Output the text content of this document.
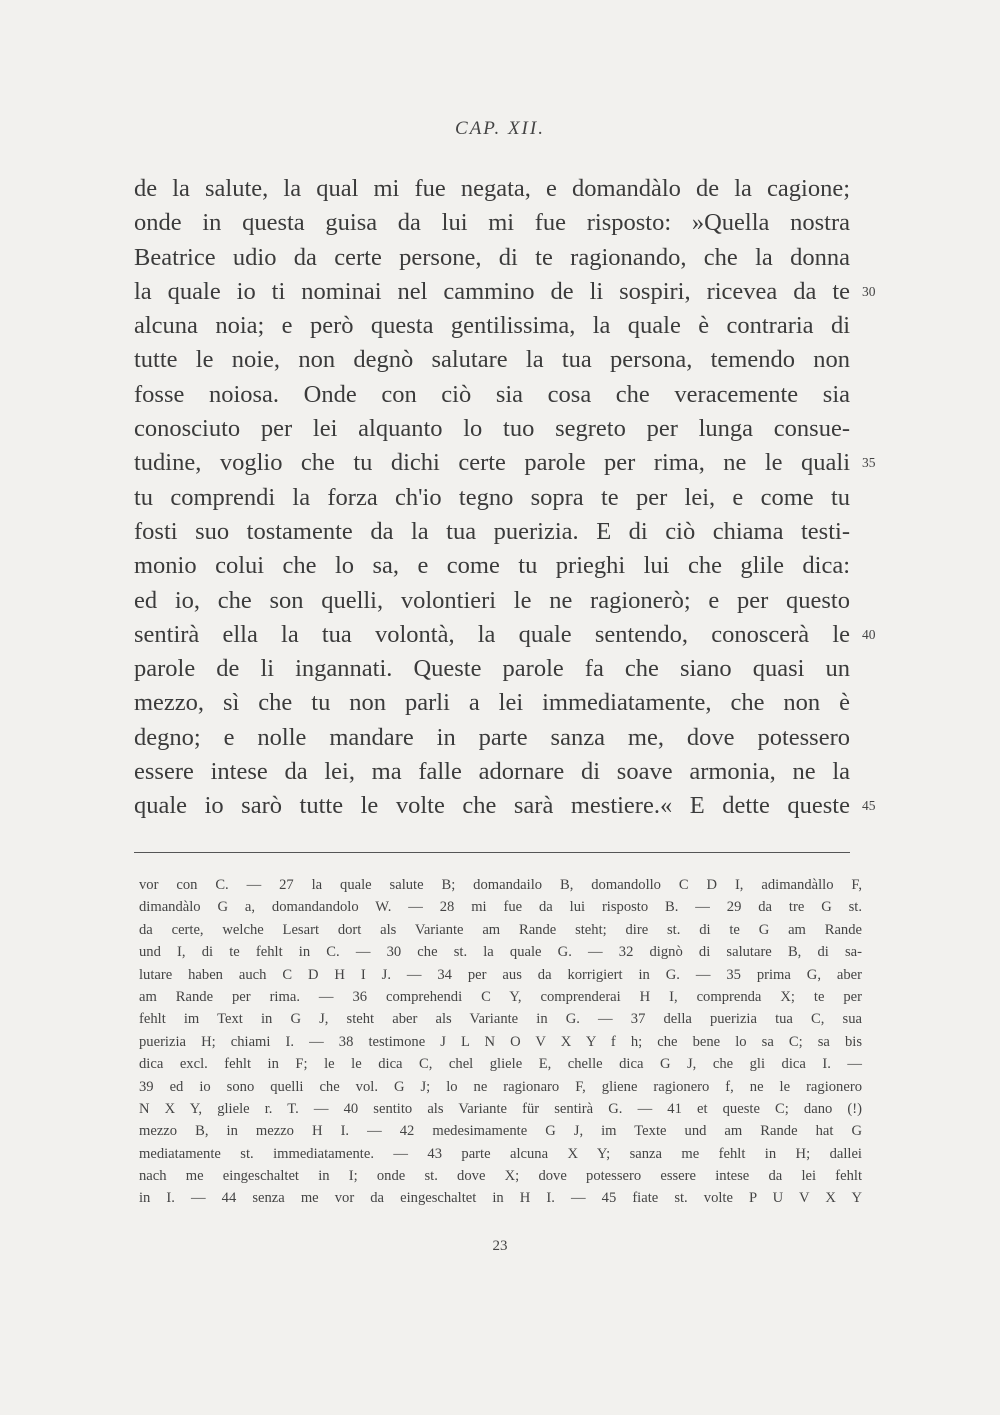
CAP. XII.
de la salute, la qual mi fue negata, e domandàlo de la cagione;
onde in questa guisa da lui mi fue risposto: »Quella nostra
Beatrice udio da certe persone, di te ragionando, che la donna
la quale io ti nominai nel cammino de li sospiri, ricevea da te
alcuna noia; e però questa gentilissima, la quale è contraria di
tutte le noie, non degnò salutare la tua persona, temendo non
fosse noiosa. Onde con ciò sia cosa che veracemente sia
conosciuto per lei alquanto lo tuo segreto per lunga consue-
tudine, voglio che tu dichi certe parole per rima, ne le quali
tu comprendi la forza ch'io tegno sopra te per lei, e come tu
fosti suo tostamente da la tua puerizia. E di ciò chiama testi-
monio colui che lo sa, e come tu prieghi lui che glile dica:
ed io, che son quelli, volontieri le ne ragionerò; e per questo
sentirà ella la tua volontà, la quale sentendo, conoscerà le
parole de li ingannati. Queste parole fa che siano quasi un
mezzo, sì che tu non parli a lei immediatamente, che non è
degno; e nolle mandare in parte sanza me, dove potessero
essere intese da lei, ma falle adornare di soave armonia, ne la
quale io sarò tutte le volte che sarà mestiere.« E dette queste
30
35
40
45
vor con C. — 27 la quale salute B; domandailo B, domandollo C D I, adimandàllo F,
dimandàlo G a, domandandolo W. — 28 mi fue da lui risposto B. — 29 da tre G st.
da certe, welche Lesart dort als Variante am Rande steht; dire st. di te G am Rande
und I, di te fehlt in C. — 30 che st. la quale G. — 32 dignò di salutare B, di sa-
lutare haben auch C D H I J. — 34 per aus da korrigiert in G. — 35 prima G, aber
am Rande per rima. — 36 comprehendi C Y, comprenderai H I, comprenda X; te per
fehlt im Text in G J, steht aber als Variante in G. — 37 della puerizia tua C, sua
puerizia H; chiami I. — 38 testimone J L N O V X Y f h; che bene lo sa C; sa bis
dica excl. fehlt in F; le le dica C, chel gliele E, chelle dica G J, che gli dica I. —
39 ed io sono quelli che vol. G J; lo ne ragionaro F, gliene ragionero f, ne le ragionero
N X Y, gliele r. T. — 40 sentito als Variante für sentirà G. — 41 et queste C; dano (!)
mezzo B, in mezzo H I. — 42 medesimamente G J, im Texte und am Rande hat G
mediatamente st. immediatamente. — 43 parte alcuna X Y; sanza me fehlt in H; dallei
nach me eingeschaltet in I; onde st. dove X; dove potessero essere intese da lei fehlt
in I. — 44 senza me vor da eingeschaltet in H I. — 45 fiate st. volte P U V X Y
23
